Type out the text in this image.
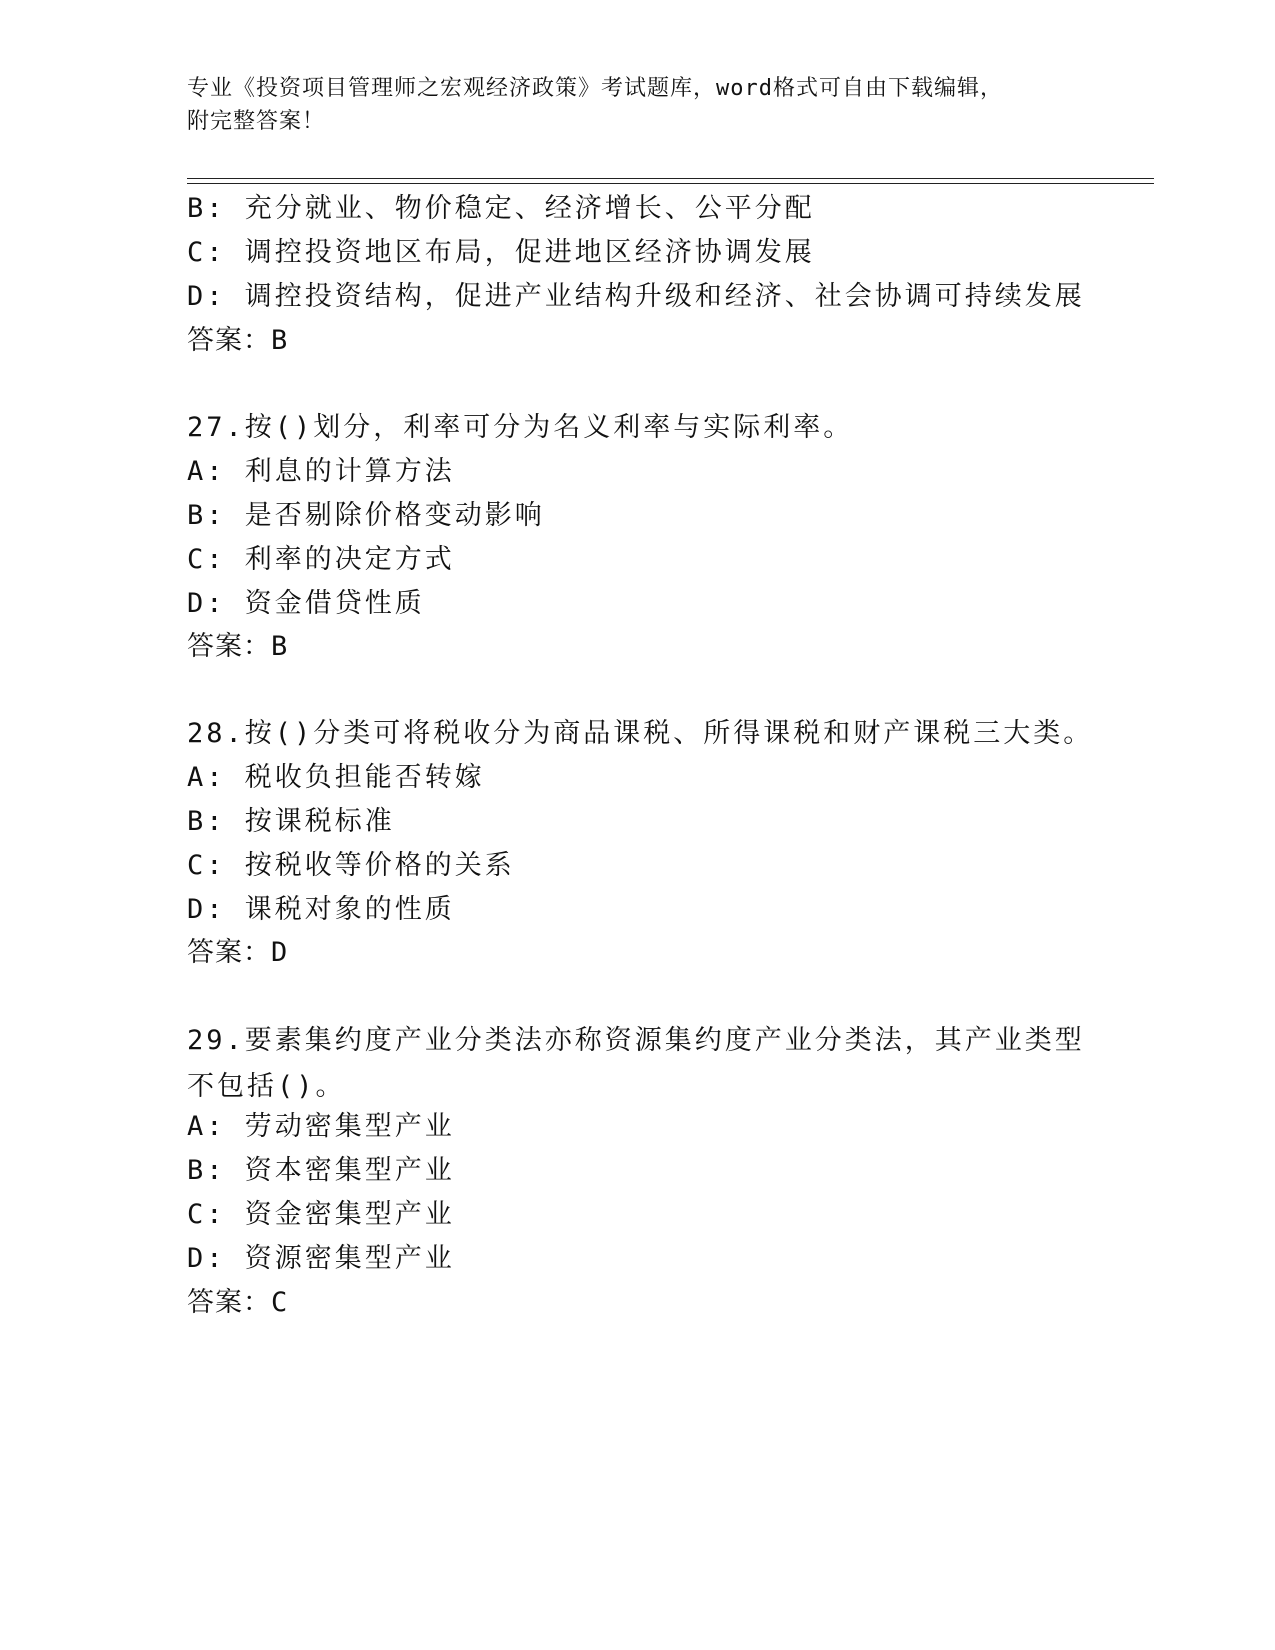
专业《投资项目管理师之宏观经济政策》考试题库，word格式可自由下载编辑，
附完整答案！
B: 充分就业、物价稳定、经济增长、公平分配
C: 调控投资地区布局，促进地区经济协调发展
D: 调控投资结构，促进产业结构升级和经济、社会协调可持续发展
答案：B
27.按()划分，利率可分为名义利率与实际利率。
A: 利息的计算方法
B: 是否剔除价格变动影响
C: 利率的决定方式
D: 资金借贷性质
答案：B
28.按()分类可将税收分为商品课税、所得课税和财产课税三大类。
A: 税收负担能否转嫁
B: 按课税标准
C: 按税收等价格的关系
D: 课税对象的性质
答案：D
29.要素集约度产业分类法亦称资源集约度产业分类法，其产业类型不包括()。
A: 劳动密集型产业
B: 资本密集型产业
C: 资金密集型产业
D: 资源密集型产业
答案：C
